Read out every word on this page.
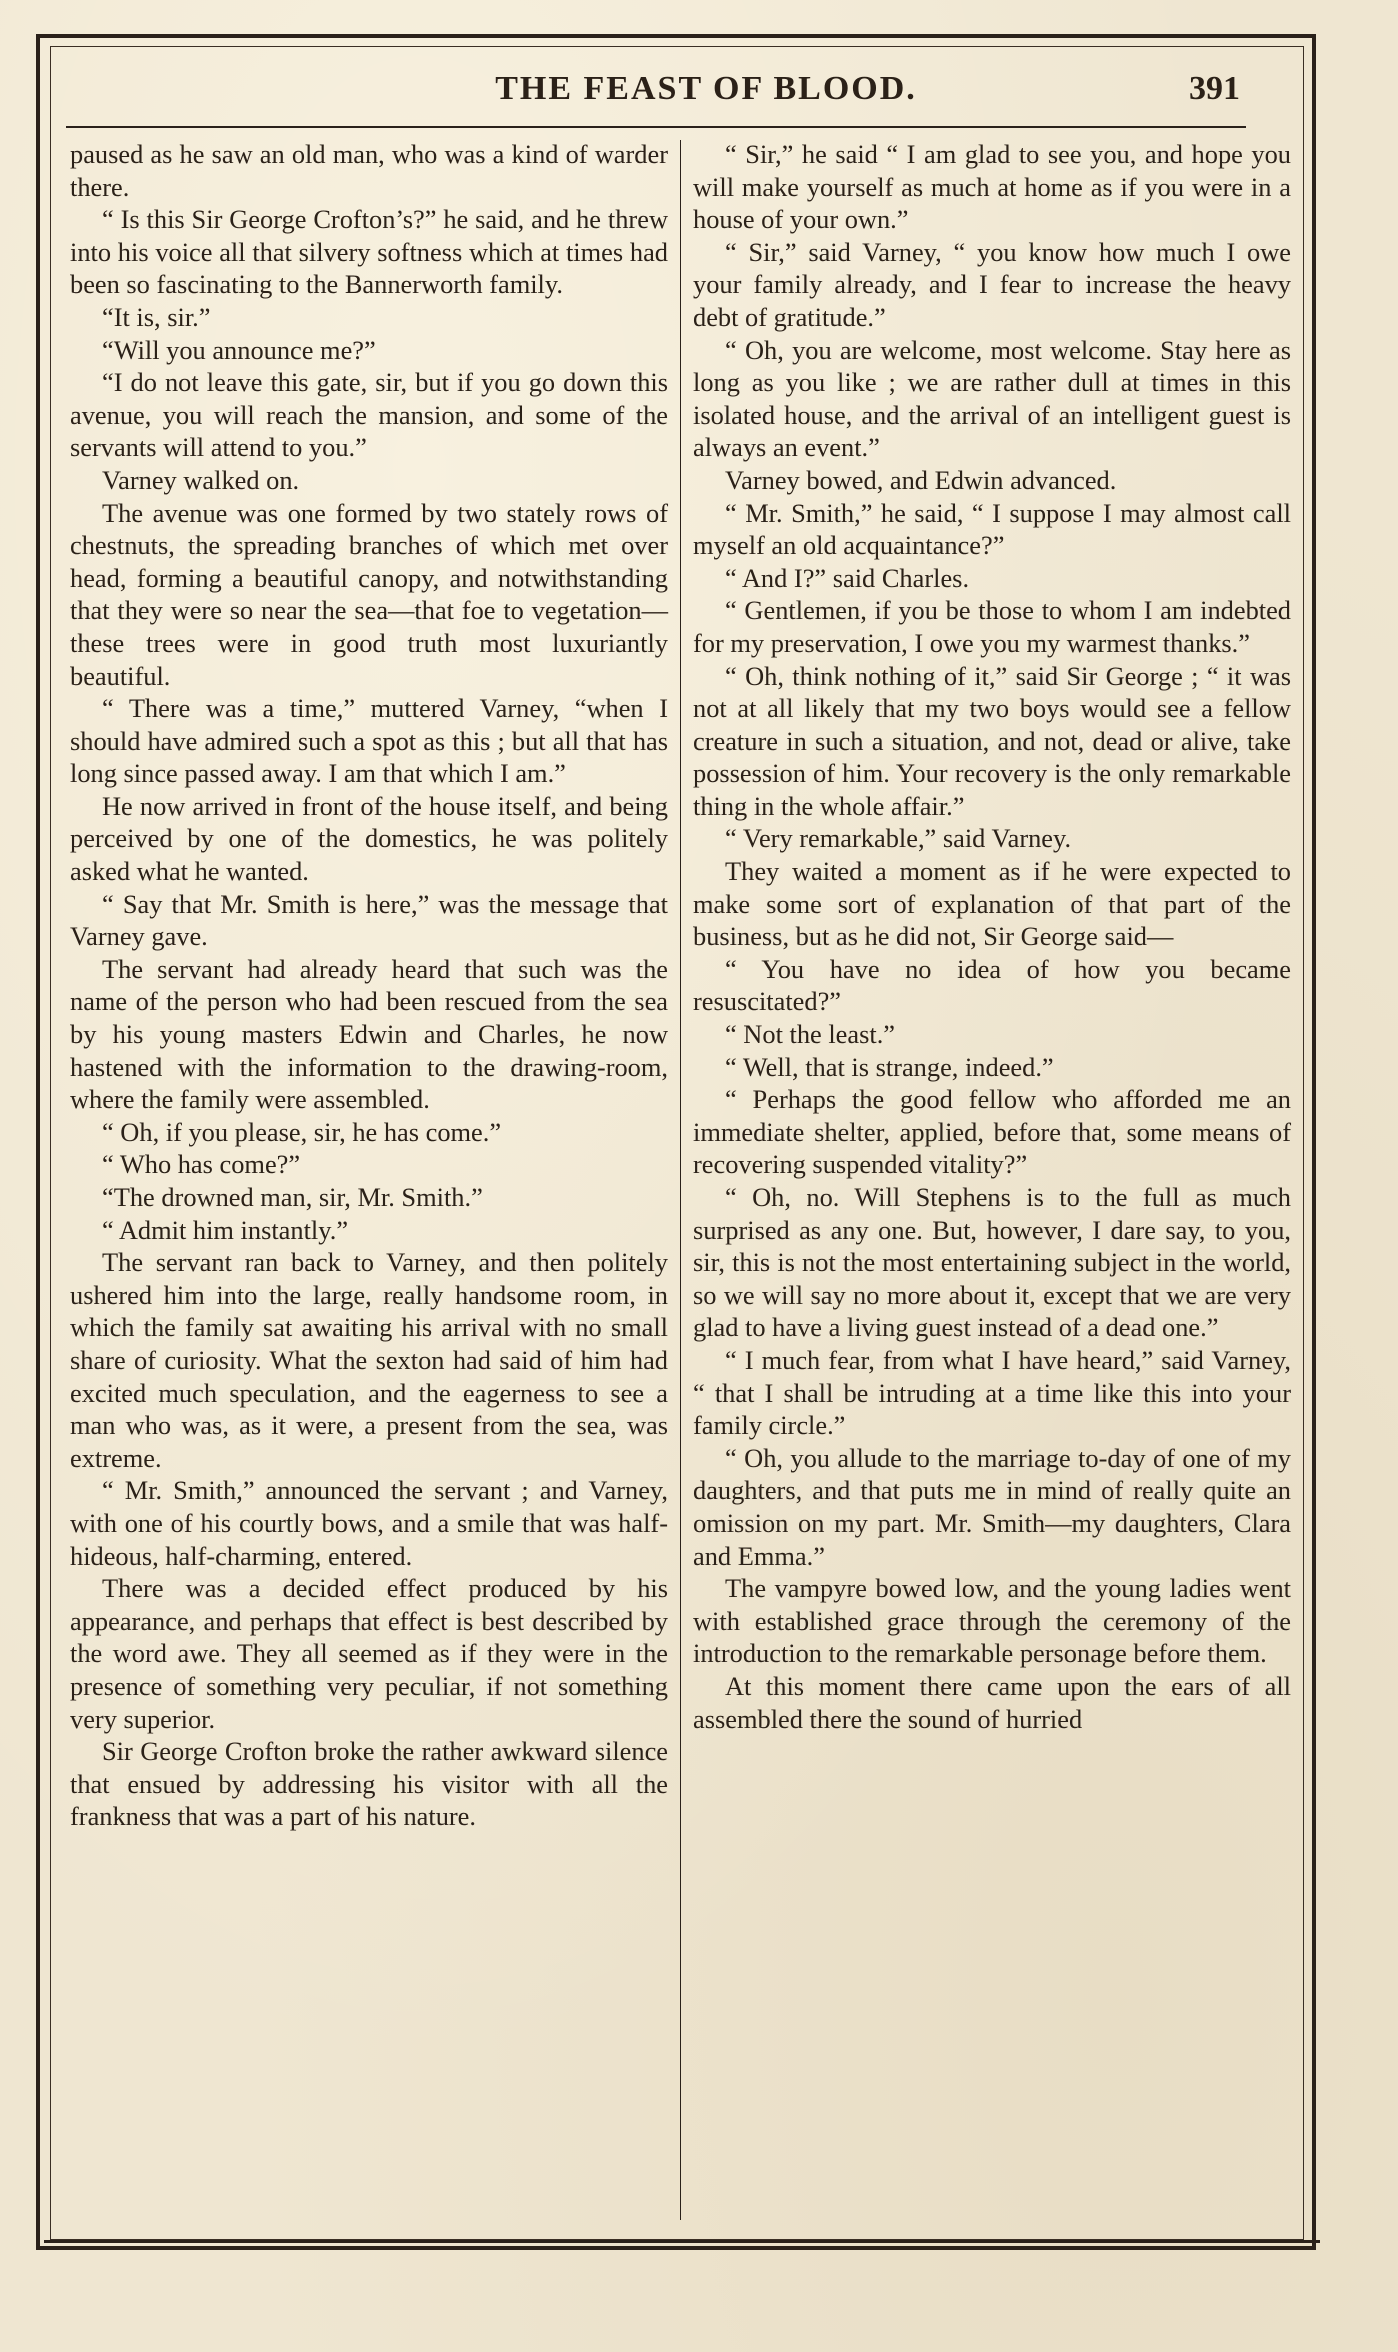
THE FEAST OF BLOOD.	391

paused as he saw an old man, who was a kind of warder there.

“ Is this Sir George Crofton’s?” he said, and he threw into his voice all that silvery softness which at times had been so fascinating to the Bannerworth family.

“It is, sir.”

“Will you announce me?”

“I do not leave this gate, sir, but if you go down this avenue, you will reach the mansion, and some of the servants will attend to you.”

Varney walked on.

The avenue was one formed by two stately rows of chestnuts, the spreading branches of which met over head, forming a beautiful canopy, and notwithstanding that they were so near the sea—that foe to vegetation—these trees were in good truth most luxuriantly beautiful.

“ There was a time,” muttered Varney, “when I should have admired such a spot as this ; but all that has long since passed away. I am that which I am.”

He now arrived in front of the house itself, and being perceived by one of the domestics, he was politely asked what he wanted.

“ Say that Mr. Smith is here,” was the message that Varney gave.

The servant had already heard that such was the name of the person who had been rescued from the sea by his young masters Edwin and Charles, he now hastened with the information to the drawing-room, where the family were assembled.

“ Oh, if you please, sir, he has come.”

“ Who has come?”

“The drowned man, sir, Mr. Smith.”

“ Admit him instantly.”

The servant ran back to Varney, and then politely ushered him into the large, really handsome room, in which the family sat awaiting his arrival with no small share of curiosity. What the sexton had said of him had excited much speculation, and the eagerness to see a man who was, as it were, a present from the sea, was extreme.

“ Mr. Smith,” announced the servant ; and Varney, with one of his courtly bows, and a smile that was half-hideous, half-charming, entered.

There was a decided effect produced by his appearance, and perhaps that effect is best described by the word awe. They all seemed as if they were in the presence of something very peculiar, if not something very superior.

Sir George Crofton broke the rather awkward silence that ensued by addressing his visitor with all the frankness that was a part of his nature.

“ Sir,” he said “ I am glad to see you, and hope you will make yourself as much at home as if you were in a house of your own.”

“ Sir,” said Varney, “ you know how much I owe your family already, and I fear to increase the heavy debt of gratitude.”

“ Oh, you are welcome, most welcome. Stay here as long as you like ; we are rather dull at times in this isolated house, and the arrival of an intelligent guest is always an event.”

Varney bowed, and Edwin advanced.

“ Mr. Smith,” he said, “ I suppose I may almost call myself an old acquaintance?”

“ And I?” said Charles.

“ Gentlemen, if you be those to whom I am indebted for my preservation, I owe you my warmest thanks.”

“ Oh, think nothing of it,” said Sir George ; “ it was not at all likely that my two boys would see a fellow creature in such a situation, and not, dead or alive, take possession of him. Your recovery is the only remarkable thing in the whole affair.”

“ Very remarkable,” said Varney.

They waited a moment as if he were expected to make some sort of explanation of that part of the business, but as he did not, Sir George said—

“ You have no idea of how you became resuscitated?”

“ Not the least.”

“ Well, that is strange, indeed.”

“ Perhaps the good fellow who afforded me an immediate shelter, applied, before that, some means of recovering suspended vitality?”

“ Oh, no. Will Stephens is to the full as much surprised as any one. But, however, I dare say, to you, sir, this is not the most entertaining subject in the world, so we will say no more about it, except that we are very glad to have a living guest instead of a dead one.”

“ I much fear, from what I have heard,” said Varney, “ that I shall be intruding at a time like this into your family circle.”

“ Oh, you allude to the marriage to-day of one of my daughters, and that puts me in mind of really quite an omission on my part. Mr. Smith—my daughters, Clara and Emma.”

The vampyre bowed low, and the young ladies went with established grace through the ceremony of the introduction to the remarkable personage before them.

At this moment there came upon the ears of all assembled there the sound of hurried
